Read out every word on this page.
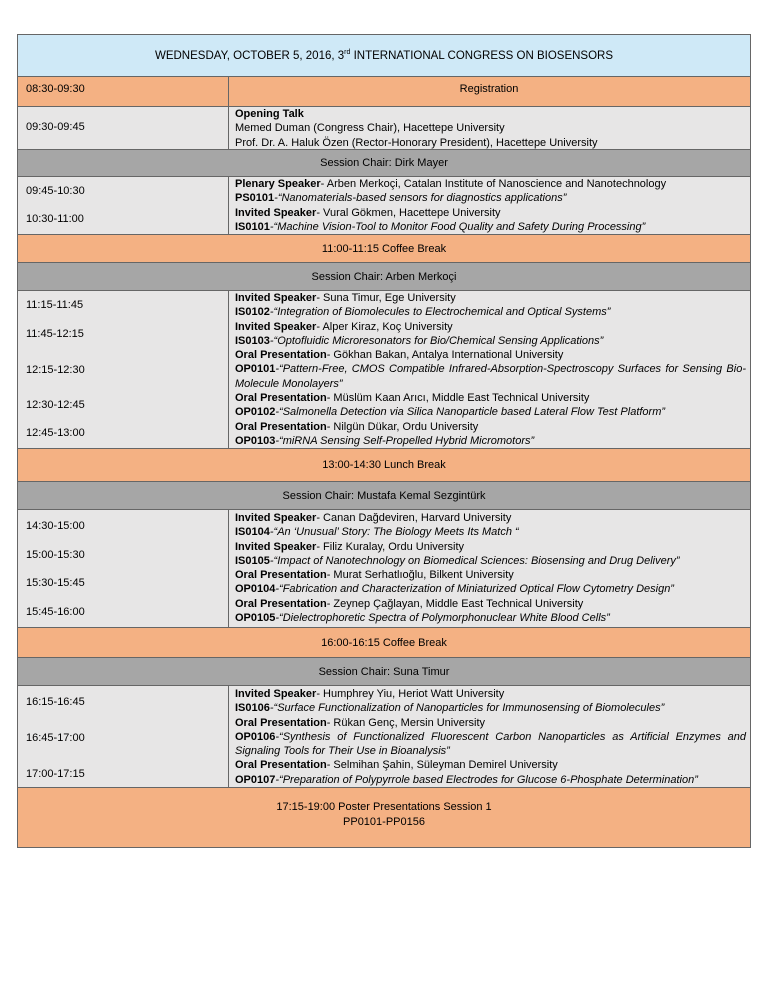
WEDNESDAY, OCTOBER 5, 2016, 3rd INTERNATIONAL CONGRESS ON BIOSENSORS
08:30-09:30	Registration
09:30-09:45
Opening Talk
Memed Duman (Congress Chair), Hacettepe University
Prof. Dr. A. Haluk Özen (Rector-Honorary President), Hacettepe University
Session Chair: Dirk Mayer
09:45-10:30
10:30-11:00
Plenary Speaker- Arben Merkoçi, Catalan Institute of Nanoscience and Nanotechnology
PS0101-“Nanomaterials-based sensors for diagnostics applications”
Invited Speaker- Vural Gökmen, Hacettepe University
IS0101-“Machine Vision-Tool to Monitor Food Quality and Safety During Processing”
11:00-11:15 Coffee Break
Session Chair: Arben Merkoçi
11:15-11:45
11:45-12:15
12:15-12:30
12:30-12:45
12:45-13:00
Invited Speaker- Suna Timur, Ege University
IS0102-“Integration of Biomolecules to Electrochemical and Optical Systems”
Invited Speaker- Alper Kiraz, Koç University
IS0103-“Optofluidic Microresonators for Bio/Chemical Sensing Applications”
Oral Presentation- Gökhan Bakan, Antalya International University
OP0101-“Pattern-Free, CMOS Compatible Infrared-Absorption-Spectroscopy Surfaces for Sensing Bio-Molecule Monolayers”
Oral Presentation- Müslüm Kaan Arıcı, Middle East Technical University
OP0102-“Salmonella Detection via Silica Nanoparticle based Lateral Flow Test Platform”
Oral Presentation- Nilgün Dükar, Ordu University
OP0103-“miRNA Sensing Self-Propelled Hybrid Micromotors”
13:00-14:30 Lunch Break
Session Chair: Mustafa Kemal Sezgintürk
14:30-15:00
15:00-15:30
15:30-15:45
15:45-16:00
Invited Speaker- Canan Dağdeviren, Harvard University
IS0104-“An ‘Unusual’ Story: The Biology Meets Its Match “
Invited Speaker- Filiz Kuralay, Ordu University
IS0105-“Impact of Nanotechnology on Biomedical Sciences: Biosensing and Drug Delivery”
Oral Presentation- Murat Serhatlıoğlu, Bilkent University
OP0104-“Fabrication and Characterization of Miniaturized Optical Flow Cytometry Design”
Oral Presentation- Zeynep Çağlayan, Middle East Technical University
OP0105-“Dielectrophoretic Spectra of Polymorphonuclear White Blood Cells”
16:00-16:15 Coffee Break
Session Chair: Suna Timur
16:15-16:45
16:45-17:00
17:00-17:15
Invited Speaker- Humphrey Yiu, Heriot Watt University
IS0106-“Surface Functionalization of Nanoparticles for Immunosensing of Biomolecules”
Oral Presentation- Rükan Genç, Mersin University
OP0106-“Synthesis of Functionalized Fluorescent Carbon Nanoparticles as Artificial Enzymes and Signaling Tools for Their Use in Bioanalysis”
Oral Presentation- Selmihan Şahin, Süleyman Demirel University
OP0107-“Preparation of Polypyrrole based Electrodes for Glucose 6-Phosphate Determination”
17:15-19:00 Poster Presentations Session 1
PP0101-PP0156
